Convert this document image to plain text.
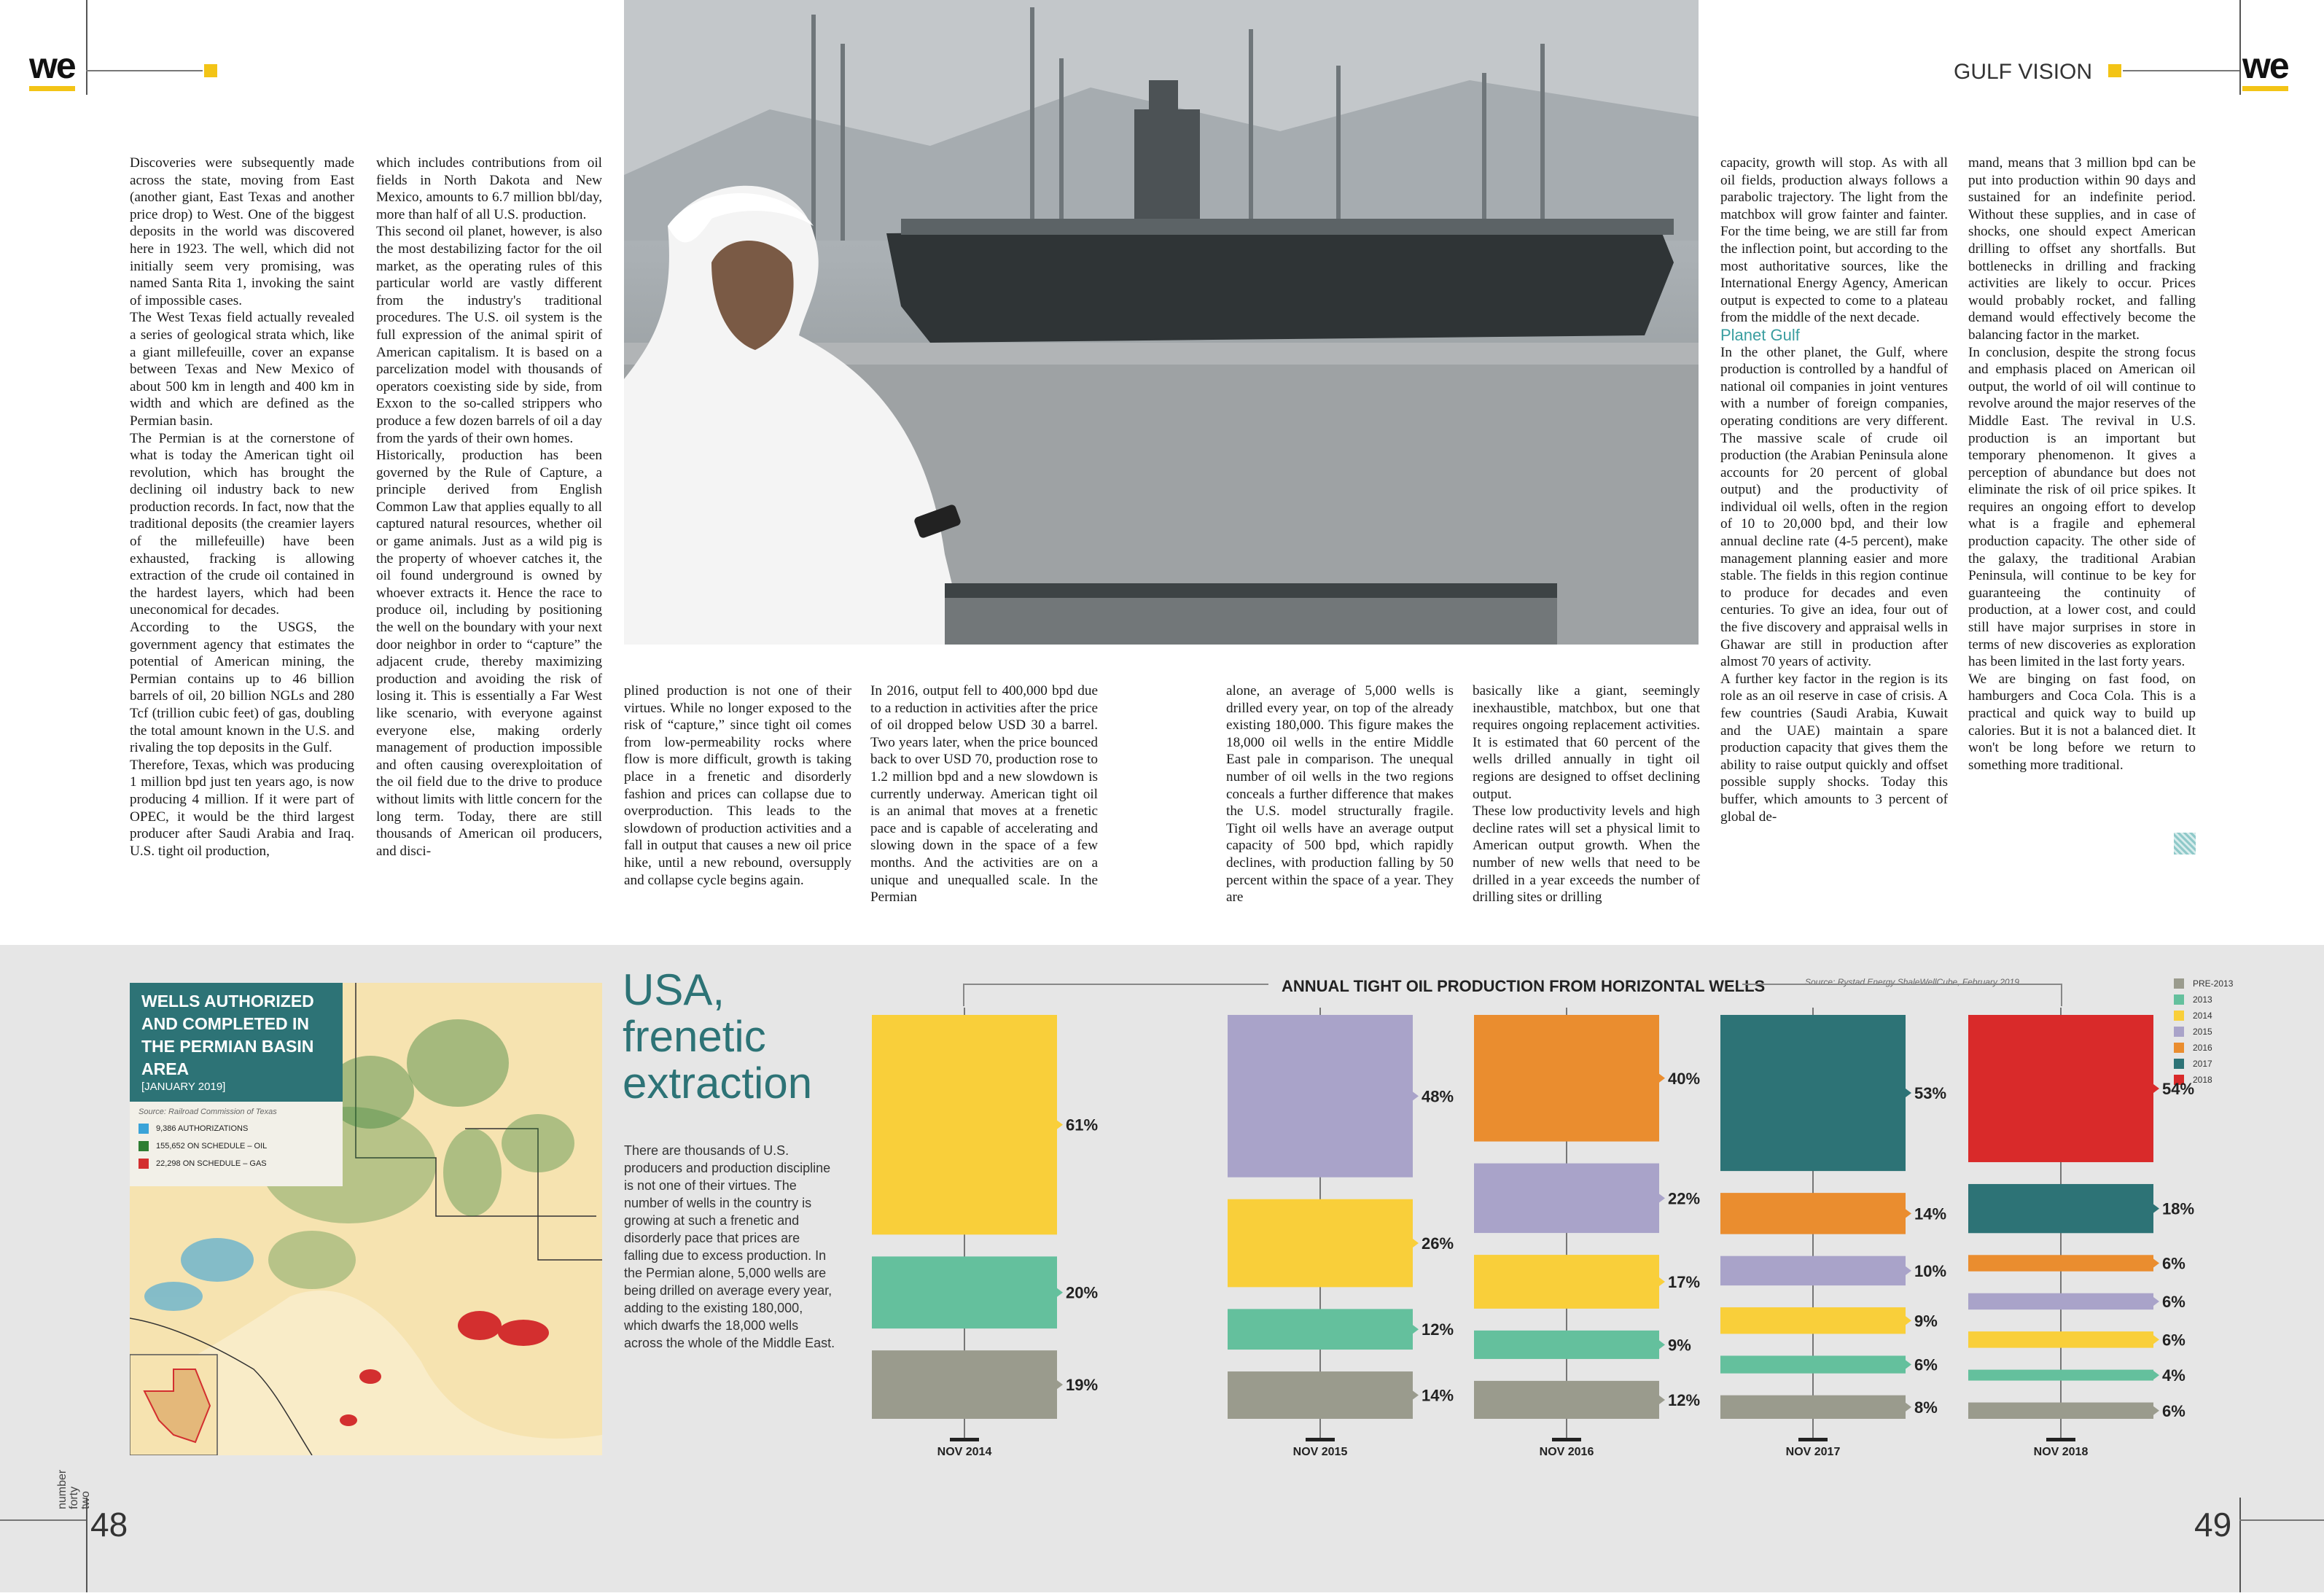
we	GULF VISION	we

Discoveries were subsequently made across the state, moving from East (another giant, East Texas and another price drop) to West. One of the biggest deposits in the world was discovered here in 1923. The well, which did not initially seem very promising, was named Santa Rita 1, invoking the saint of impossible cases.

The West Texas field actually revealed a series of geological strata which, like a giant millefeuille, cover an expanse between Texas and New Mexico of about 500 km in length and 400 km in width and which are defined as the Permian basin.

The Permian is at the cornerstone of what is today the American tight oil revolution, which has brought the declining oil industry back to new production records. In fact, now that the traditional deposits (the creamier layers of the millefeuille) have been exhausted, fracking is allowing extraction of the crude oil contained in the hardest layers, which had been uneconomical for decades.

According to the USGS, the government agency that estimates the potential of American mining, the Permian contains up to 46 billion barrels of oil, 20 billion NGLs and 280 Tcf (trillion cubic feet) of gas, doubling the total amount known in the U.S. and rivaling the top deposits in the Gulf.

Therefore, Texas, which was producing 1 million bpd just ten years ago, is now producing 4 million. If it were part of OPEC, it would be the third largest producer after Saudi Arabia and Iraq. U.S. tight oil production,

which includes contributions from oil fields in North Dakota and New Mexico, amounts to 6.7 million bbl/day, more than half of all U.S. production.

This second oil planet, however, is also the most destabilizing factor for the oil market, as the operating rules of this particular world are vastly different from the industry's traditional procedures. The U.S. oil system is the full expression of the animal spirit of American capitalism. It is based on a parcelization model with thousands of operators coexisting side by side, from Exxon to the so-called strippers who produce a few dozen barrels of oil a day from the yards of their own homes.

Historically, production has been governed by the Rule of Capture, a principle derived from English Common Law that applies equally to all captured natural resources, whether oil or game animals. Just as a wild pig is the property of whoever catches it, the oil found underground is owned by whoever extracts it. Hence the race to produce oil, including by positioning the well on the boundary with your next door neighbor in order to “capture” the adjacent crude, thereby maximizing production and avoiding the risk of losing it. This is essentially a Far West like scenario, with everyone against everyone else, making orderly management of production impossible and often causing overexploitation of the oil field due to the drive to produce without limits with little concern for the long term. Today, there are still thousands of American oil producers, and disci-

plined production is not one of their virtues. While no longer exposed to the risk of “capture,” since tight oil comes from low-permeability rocks where flow is more difficult, growth is taking place in a frenetic and disorderly fashion and prices can collapse due to overproduction. This leads to the slowdown of production activities and a fall in output that causes a new oil price hike, until a new rebound, oversupply and collapse cycle begins again.

In 2016, output fell to 400,000 bpd due to a reduction in activities after the price of oil dropped below USD 30 a barrel. Two years later, when the price bounced back to over USD 70, production rose to 1.2 million bpd and a new slowdown is currently underway. American tight oil is an animal that moves at a frenetic pace and is capable of accelerating and slowing down in the space of a few months. And the activities are on a unique and unequalled scale. In the Permian

alone, an average of 5,000 wells is drilled every year, on top of the already existing 180,000. This figure makes the 18,000 oil wells in the entire Middle East pale in comparison. The unequal number of oil wells in the two regions conceals a further difference that makes the U.S. model structurally fragile. Tight oil wells have an average output capacity of 500 bpd, which rapidly declines, with production falling by 50 percent within the space of a year. They are

basically like a giant, seemingly inexhaustible, matchbox, but one that requires ongoing replacement activities. It is estimated that 60 percent of the wells drilled annually in tight oil regions are designed to offset declining output.

These low productivity levels and high decline rates will set a physical limit to American output growth. When the number of new wells that need to be drilled in a year exceeds the number of drilling sites or drilling

capacity, growth will stop. As with all oil fields, production always follows a parabolic trajectory. The light from the matchbox will grow fainter and fainter. For the time being, we are still far from the inflection point, but according to the most authoritative sources, like the International Energy Agency, American output is expected to come to a plateau from the middle of the next decade.

Planet Gulf

In the other planet, the Gulf, where production is controlled by a handful of national oil companies in joint ventures with a number of foreign companies, operating conditions are very different. The massive scale of crude oil production (the Arabian Peninsula alone accounts for 20 percent of global output) and the productivity of individual oil wells, often in the region of 10 to 20,000 bpd, and their low annual decline rate (4-5 percent), make management planning easier and more stable. The fields in this region continue to produce for decades and even centuries. To give an idea, four out of the five discovery and appraisal wells in Ghawar are still in production after almost 70 years of activity.

A further key factor in the region is its role as an oil reserve in case of crisis. A few countries (Saudi Arabia, Kuwait and the UAE) maintain a spare production capacity that gives them the ability to raise output quickly and offset possible supply shocks. Today this buffer, which amounts to 3 percent of global de-

mand, means that 3 million bpd can be put into production within 90 days and sustained for an indefinite period. Without these supplies, and in case of shocks, one should expect American drilling to offset any shortfalls. But bottlenecks in drilling and fracking activities are likely to occur. Prices would probably rocket, and falling demand would effectively become the balancing factor in the market.

In conclusion, despite the strong focus and emphasis placed on American oil output, the world of oil will continue to revolve around the major reserves of the Middle East. The revival in U.S. production is an important but temporary phenomenon. It gives a perception of abundance but does not eliminate the risk of oil price spikes. It requires an ongoing effort to develop what is a fragile and ephemeral production capacity. The other side of the galaxy, the traditional Arabian Peninsula, will continue to be key for guaranteeing the continuity of production, at a lower cost, and could still have major surprises in store in terms of new discoveries as exploration has been limited in the last forty years.

We are binging on fast food, on hamburgers and Coca Cola. This is a practical and quick way to build up calories. But it is not a balanced diet. It won't be long before we return to something more traditional.

WELLS AUTHORIZED AND COMPLETED IN THE PERMIAN BASIN AREA
[JANUARY 2019]
Source: Railroad Commission of Texas
9,386 AUTHORIZATIONS
155,652 ON SCHEDULE – OIL
22,298 ON SCHEDULE – GAS
USA, frenetic extraction
There are thousands of U.S. producers and production discipline is not one of their virtues. The number of wells in the country is growing at such a frenetic and disorderly pace that prices are falling due to excess production. In the Permian alone, 5,000 wells are being drilled on average every year, adding to the existing 180,000, which dwarfs the 18,000 wells across the whole of the Middle East.
ANNUAL TIGHT OIL PRODUCTION FROM HORIZONTAL WELLS	Source: Rystad Energy ShaleWellCube, February 2019	PRE-2013
2013
2014
2015
2016
2017
2018
61%
20%
19%
NOV 2014
48%
26%
12%
14%
NOV 2015
40%
22%
17%
9%
12%
NOV 2016
53%
14%
10%
9%
6%
8%
NOV 2017
54%
18%
6%
6%
6%
4%
6%
NOV 2018
number forty two
48	49
